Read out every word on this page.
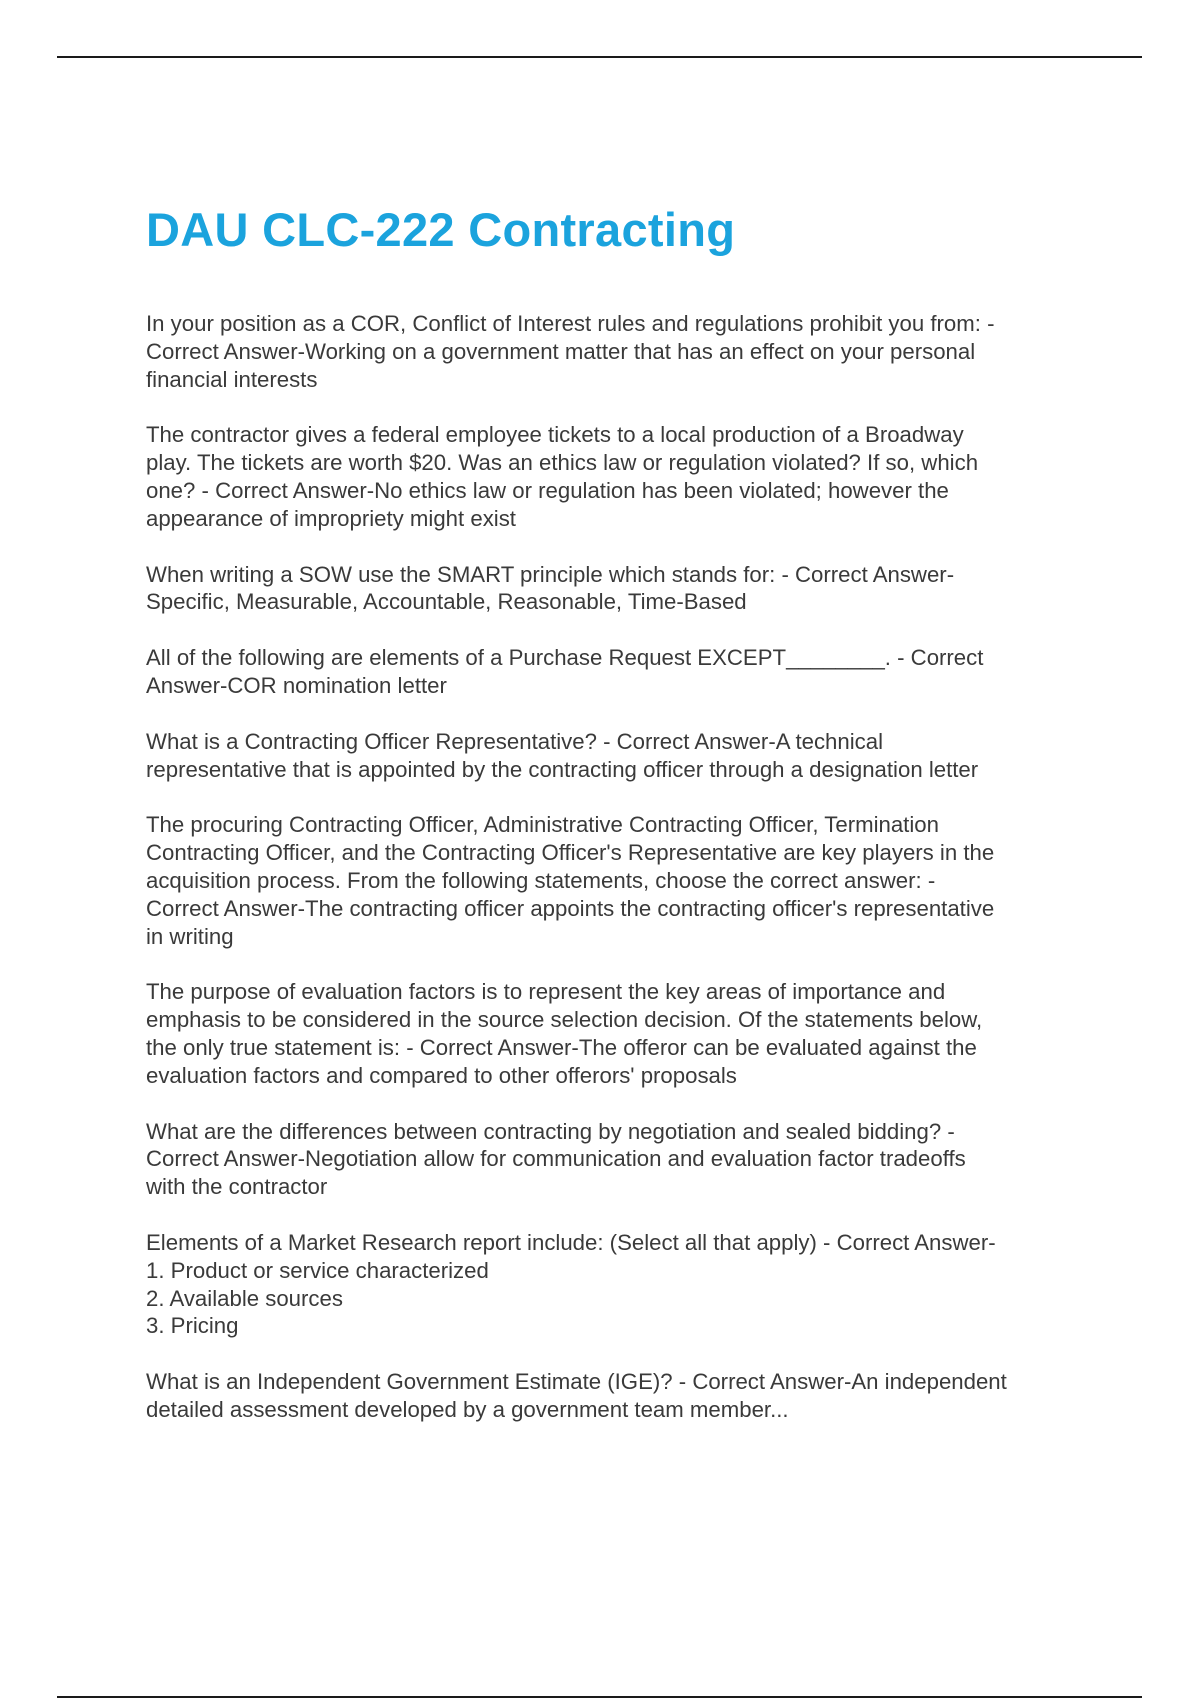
DAU CLC-222 Contracting

In your position as a COR, Conflict of Interest rules and regulations prohibit you from: -
Correct Answer-Working on a government matter that has an effect on your personal
financial interests

The contractor gives a federal employee tickets to a local production of a Broadway
play. The tickets are worth $20. Was an ethics law or regulation violated? If so, which
one? - Correct Answer-No ethics law or regulation has been violated; however the
appearance of impropriety might exist

When writing a SOW use the SMART principle which stands for: - Correct Answer-
Specific, Measurable, Accountable, Reasonable, Time-Based

All of the following are elements of a Purchase Request EXCEPT________. - Correct
Answer-COR nomination letter

What is a Contracting Officer Representative? - Correct Answer-A technical
representative that is appointed by the contracting officer through a designation letter

The procuring Contracting Officer, Administrative Contracting Officer, Termination
Contracting Officer, and the Contracting Officer's Representative are key players in the
acquisition process. From the following statements, choose the correct answer: -
Correct Answer-The contracting officer appoints the contracting officer's representative
in writing

The purpose of evaluation factors is to represent the key areas of importance and
emphasis to be considered in the source selection decision. Of the statements below,
the only true statement is: - Correct Answer-The offeror can be evaluated against the
evaluation factors and compared to other offerors' proposals

What are the differences between contracting by negotiation and sealed bidding? -
Correct Answer-Negotiation allow for communication and evaluation factor tradeoffs
with the contractor

Elements of a Market Research report include: (Select all that apply) - Correct Answer-
1. Product or service characterized
2. Available sources
3. Pricing

What is an Independent Government Estimate (IGE)? - Correct Answer-An independent
detailed assessment developed by a government team member...
